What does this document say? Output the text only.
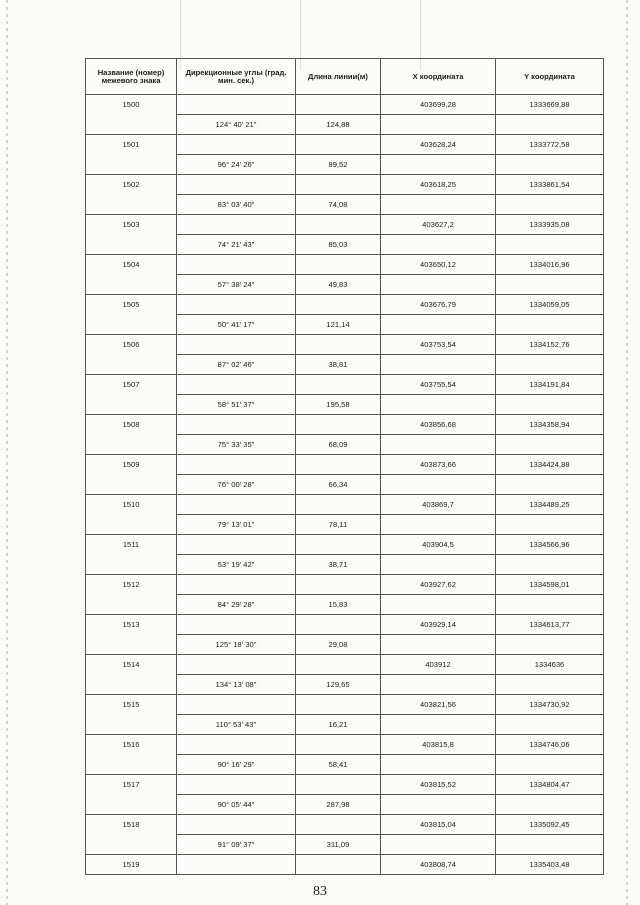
Название (номер) межевого знака	Дирекционные углы (град. мин. сек.)	Длина линии(м)	Х координата	Y координата
1500			403699,28	1333669,88
	124° 40' 21"	124,88		
1501			403628,24	1333772,58
	96° 24' 26"	89,52		
1502			403618,25	1333861,54
	83° 03' 40"	74,08		
1503			403627,2	1333935,08
	74° 21' 43"	85,03		
1504			403650,12	1334016,96
	57° 38' 24"	49,83		
1505			403676,79	1334059,05
	50° 41' 17"	121,14		
1506			403753,54	1334152,76
	87° 02' 46"	38,81		
1507			403755,54	1334191,84
	58° 51' 37"	195,58		
1508			403856,68	1334358,94
	75° 33' 35"	68,09		
1509			403873,66	1334424,88
	76° 00' 28"	66,34		
1510			403869,7	1334489,25
	79° 13' 01"	78,11		
1511			403904,5	1334566,96
	53° 19' 42"	38,71		
1512			403927,62	1334598,01
	84° 29' 28"	15,83		
1513			403929,14	1334613,77
	125° 18' 30"	29,08		
1514			403912	1334636
	134° 13' 08"	129,65		
1515			403821,56	1334730,92
	110° 53' 43"	16,21		
1516			403815,8	1334746,06
	90° 16' 29"	58,41		
1517			403815,52	1334804,47
	90° 05' 44"	287,98		
1518			403815,04	1335092,45
	91° 09' 37"	311,09		
1519			403808,74	1335403,48
83
